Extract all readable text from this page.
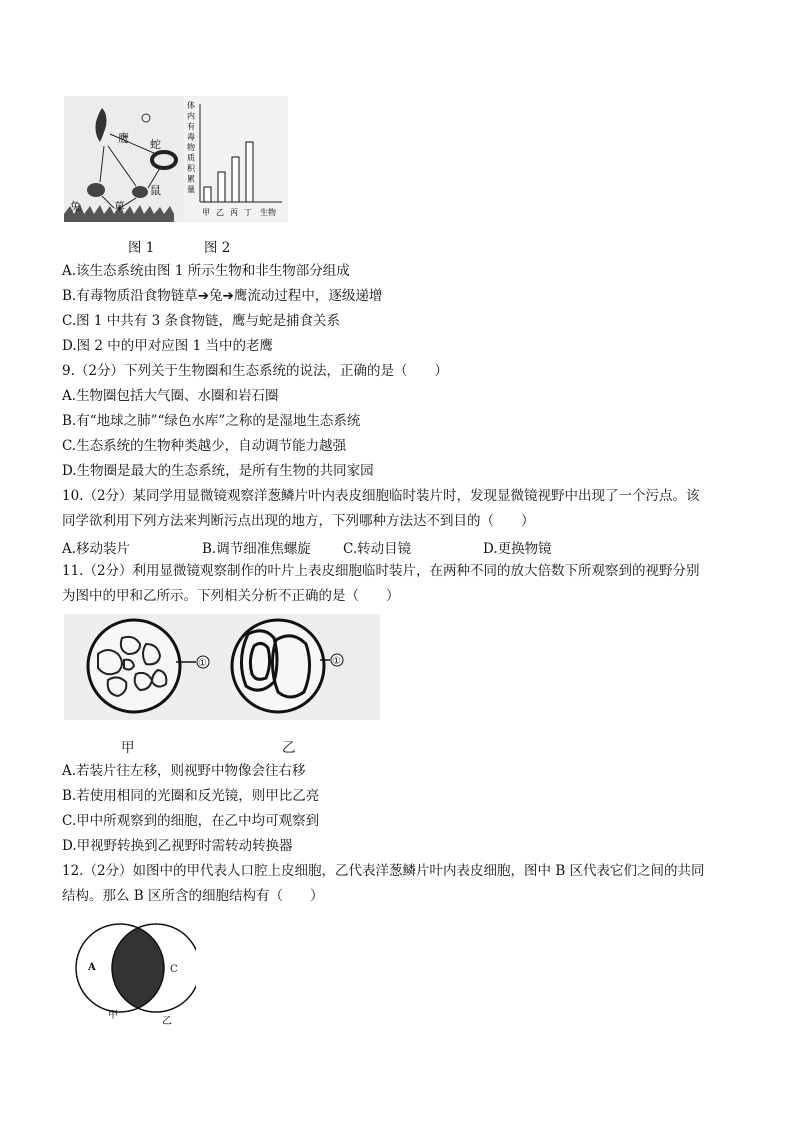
鹰 蛇
兔	草
鼠
体
内
有
毒
物
质
积
累
量
甲 乙 丙 丁 生物
图 1	图 2
A.该生态系统由图 1 所示生物和非生物部分组成
B.有毒物质沿食物链草➔兔➔鹰流动过程中，逐级递增
C.图 1 中共有 3 条食物链，鹰与蛇是捕食关系
D.图 2 中的甲对应图 1 当中的老鹰
9.（2分）下列关于生物圈和生态系统的说法，正确的是（　　）
A.生物圈包括大气圈、水圈和岩石圈
B.有“地球之肺”“绿色水库”之称的是湿地生态系统
C.生态系统的生物种类越少，自动调节能力越强
D.生物圈是最大的生态系统，是所有生物的共同家园
10.（2分）某同学用显微镜观察洋葱鳞片叶内表皮细胞临时装片时，发现显微镜视野中出现了一个污点。该
同学欲利用下列方法来判断污点出现的地方，下列哪种方法达不到目的（　　）
A.移动装片	B.调节细准焦螺旋 C.转动目镜	D.更换物镜
11.（2分）利用显微镜观察制作的叶片上表皮细胞临时装片，在两种不同的放大倍数下所观察到的视野分别
为图中的甲和乙所示。下列相关分析不正确的是（　　）
①	①
甲	乙
A.若装片往左移，则视野中物像会往右移
B.若使用相同的光圈和反光镜，则甲比乙亮
C.甲中所观察到的细胞，在乙中均可观察到
D.甲视野转换到乙视野时需转动转换器
12.（2分）如图中的甲代表人口腔上皮细胞，乙代表洋葱鳞片叶内表皮细胞，图中 B 区代表它们之间的共同
结构。那么 B 区所含的细胞结构有（　　）
A	C
甲
乙
